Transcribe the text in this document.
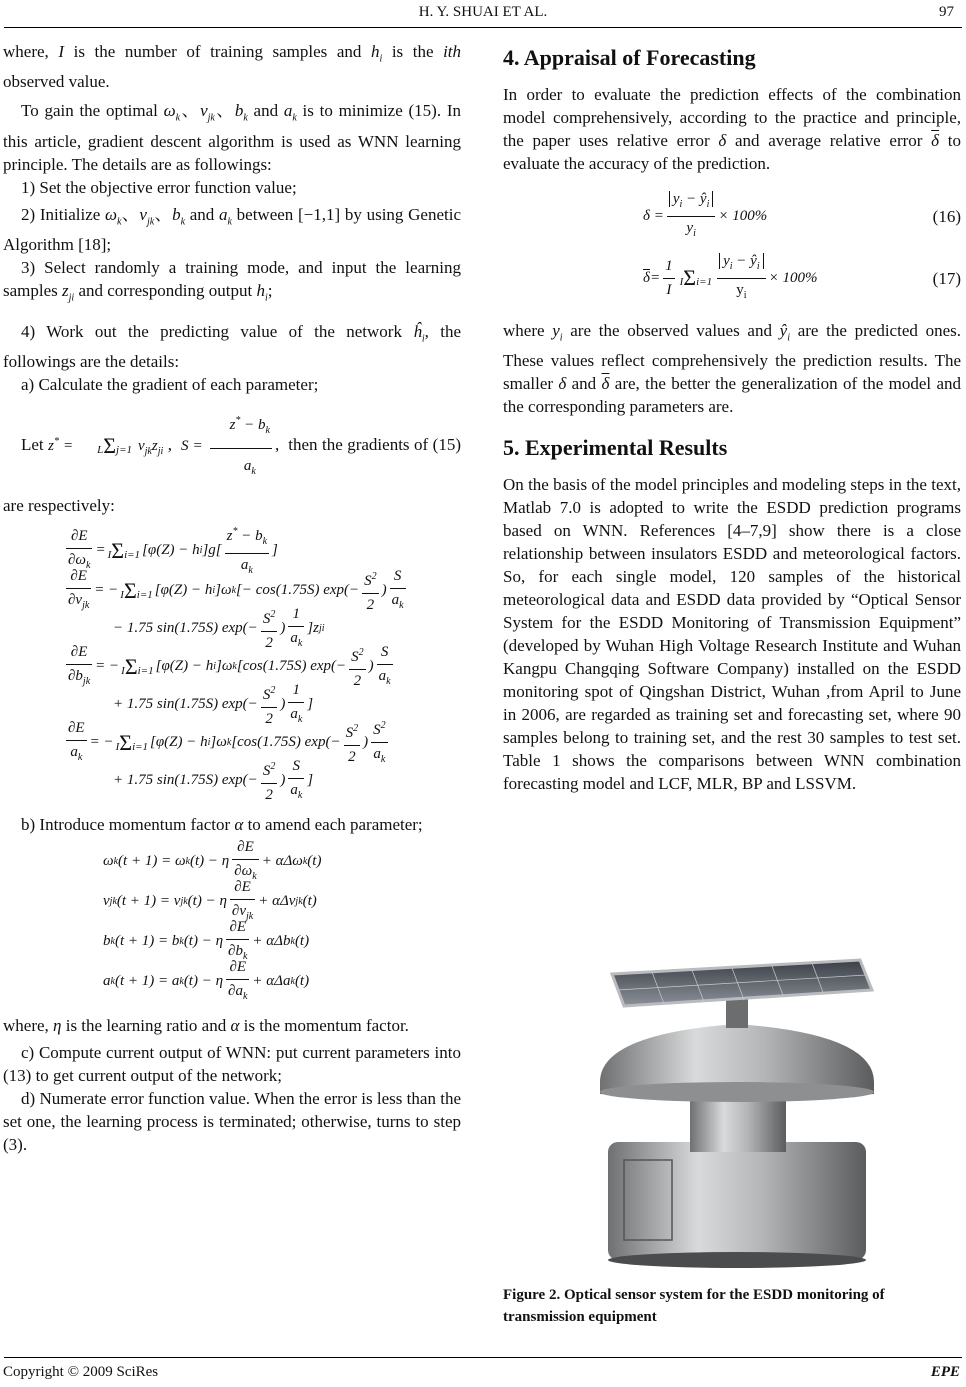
H. Y. SHUAI ET AL.	97

where, I is the number of training samples and $h_i$ is the ith observed value.

To gain the optimal $\omega_k$、$v_{jk}$、$b_k$ and $a_k$ is to minimize (15). In this article, gradient descent algorithm is used as WNN learning principle. The details are as followings:

1) Set the objective error function value;

2) Initialize $\omega_k$、$v_{jk}$、$b_k$ and $a_k$ between [−1,1] by using Genetic Algorithm [18];

3) Select randomly a training mode, and input the learning samples $z_{ji}$ and corresponding output $h_i$;

4) Work out the predicting value of the network $ĥ_i$, the followings are the details:

a) Calculate the gradient of each parameter;

Let z* = LΣj=1 $v_{jk}z_{ji}$ ,  $S = \frac{z^* - b_k}{a_k}$ ,  then the gradients of (15) are respectively:

$\frac{\partial E}{\partial\omega_k} = I\Sigma i=1$ [φ(Z) − h i ]$g[ \frac{z^* - b_k}{a_k}$ ]
$\frac{\partial E}{\partial v_{jk}}$ = − IΣi=1 [φ(Z) − h i ]ω k [− cos(1.75S) $\exp(- \frac{S^2}{2}$ ) $\frac{S}{a_k}$
− 1.75 sin(1.75S) $\exp(- \frac{S^2}{2}$ ) $\frac{1}{a_k} ]z$ ji
$\frac{\partial E}{\partial b_{jk}}$ = − IΣi=1 [φ(Z) − h i ]ω k [cos(1.75S) $\exp(- \frac{S^2}{2}$ ) $\frac{S}{a_k}$
+ 1.75 sin(1.75S) $\exp(- \frac{S^2}{2}$ ) $\frac{1}{a_k}$ ]
$\frac{\partial E}{a_k}$ = − IΣi=1 [φ(Z) − h i ]ω k [cos(1.75S) $\exp(- \frac{S^2}{2}$ ) $\frac{S^2}{a_k}$
+ 1.75 sin(1.75S) $\exp(- \frac{S^2}{2}$ ) $\frac{S}{a_k}$ ]

b) Introduce momentum factor α to amend each parameter;

ω k (t + 1) = ω k (t) − η $\frac{\partial E}{\partial\omega_k} + \alpha\Delta\omega$ k (t)
v jk (t + 1) = v jk (t) − η $\frac{\partial E}{\partial v_{jk}} + \alpha\Delta v$ jk (t)
b k (t + 1) = b k (t) − η $\frac{\partial E}{\partial b_k} + \alpha\Delta b$ k (t)
a k (t + 1) = a k (t) − η $\frac{\partial E}{\partial a_k} + \alpha\Delta a$ k (t)

where, η is the learning ratio and α is the momentum factor.

c) Compute current output of WNN: put current parameters into (13) to get current output of the network;

d) Numerate error function value. When the error is less than the set one, the learning process is terminated; otherwise, turns to step (3).

4. Appraisal of Forecasting

In order to evaluate the prediction effects of the combination model comprehensively, according to the practice and principle, the paper uses relative error δ and average relative error $\overline{\delta}$ to evaluate the accuracy of the prediction.

$\delta = \frac{y_i - ŷ_i}{y_i} \times 100\%$	(16)
$\overline{\delta} = \frac{1}{I} I\Sigma i=1 \frac{y_i - ŷ_i}{y_i} \times 100\%$	(17)

where $y_i$ are the observed values and $ŷ_i$ are the predicted ones. These values reflect comprehensively the prediction results. The smaller δ and $\overline{\delta}$ are, the better the generalization of the model and the corresponding parameters are.

5. Experimental Results

On the basis of the model principles and modeling steps in the text, Matlab 7.0 is adopted to write the ESDD prediction programs based on WNN. References [4–7,9] show there is a close relationship between insulators ESDD and meteorological factors. So, for each single model, 120 samples of the historical meteorological data and ESDD data provided by “Optical Sensor System for the ESDD Monitoring of Transmission Equipment” (developed by Wuhan High Voltage Research Institute and Wuhan Kangpu Changqing Software Company) installed on the ESDD monitoring spot of Qingshan District, Wuhan ,from April to June in 2006, are regarded as training set and forecasting set, where 90 samples belong to training set, and the rest 30 samples to test set. Table 1 shows the comparisons between WNN combination forecasting model and LCF, MLR, BP and LSSVM.

Figure 2. Optical sensor system for the ESDD monitoring of transmission equipment
Copyright © 2009 SciRes	EPE
